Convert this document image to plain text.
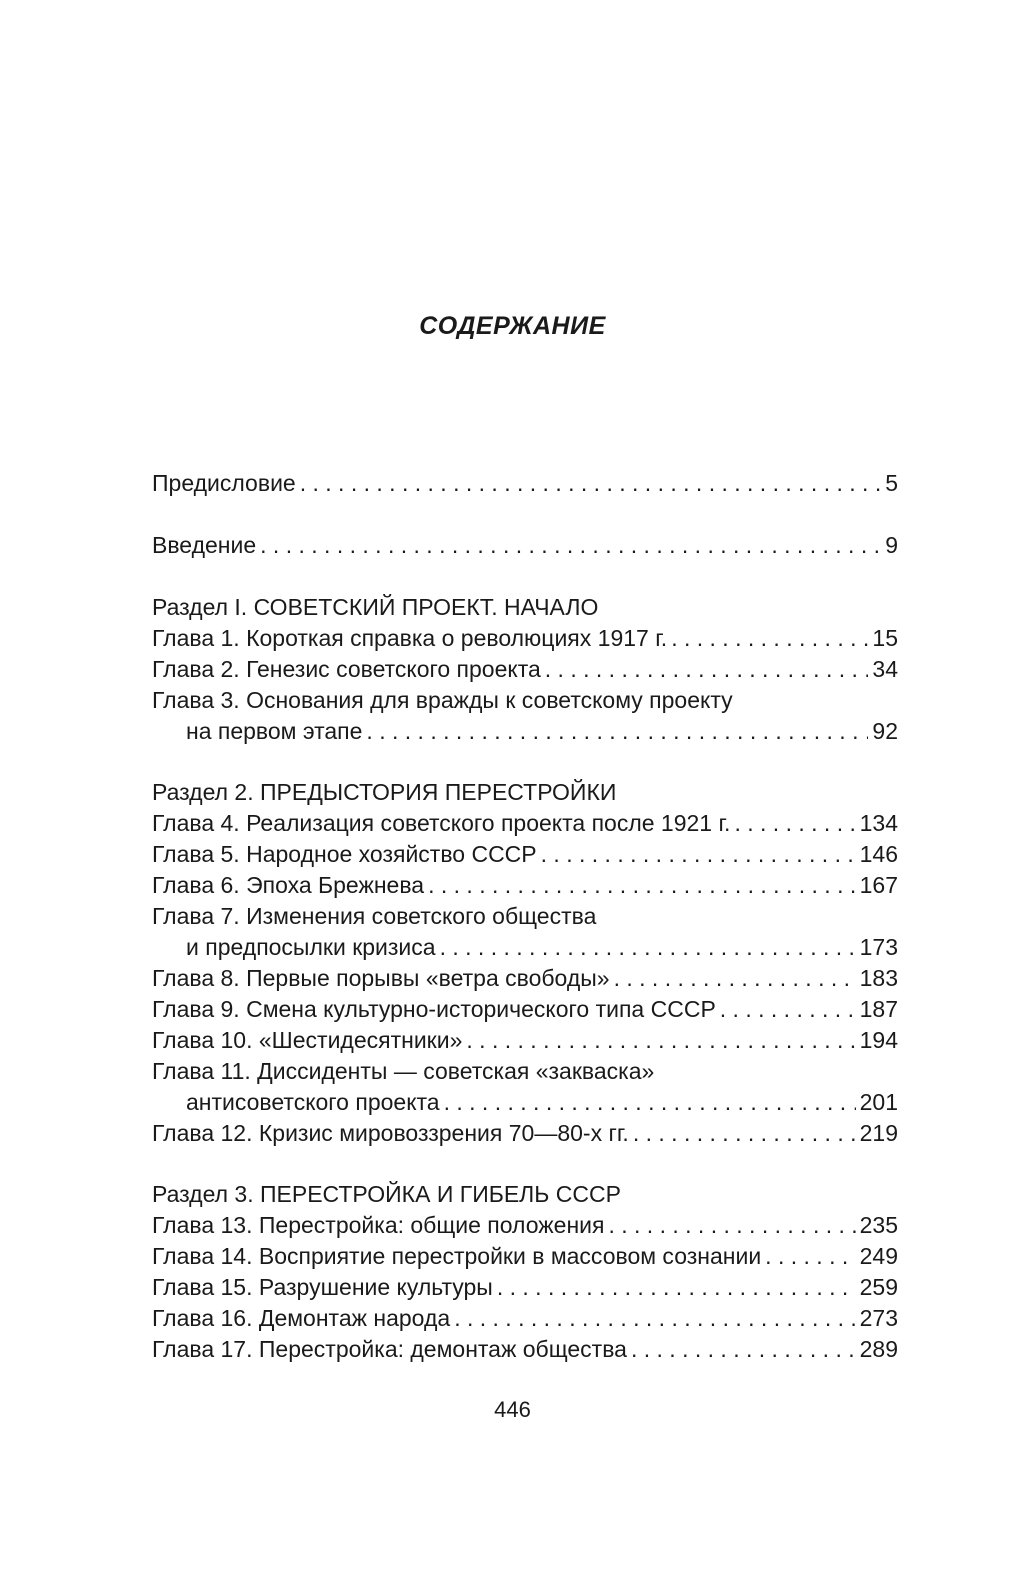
СОДЕРЖАНИЕ
Предисловие . . .	5
Введение . . .	9
Раздел I. СОВЕТСКИЙ ПРОЕКТ. НАЧАЛО
Глава 1. Короткая справка о революциях 1917 г. . . .	15
Глава 2. Генезис советского проекта . . .	34
Глава 3. Основания для вражды к советскому проекту
на первом этапе . . .	92
Раздел 2. ПРЕДЫСТОРИЯ ПЕРЕСТРОЙКИ
Глава 4. Реализация советского проекта после 1921 г. . . .	134
Глава 5. Народное хозяйство СССР . . .	146
Глава 6. Эпоха Брежнева . . .	167
Глава 7. Изменения советского общества
и предпосылки кризиса . . .	173
Глава 8. Первые порывы «ветра свободы» . . .	183
Глава 9. Смена культурно-исторического типа СССР . . .	187
Глава 10. «Шестидесятники» . . .	194
Глава 11. Диссиденты — советская «закваска»
антисоветского проекта . . .	201
Глава 12. Кризис мировоззрения 70—80-х гг. . . .	219
Раздел 3. ПЕРЕСТРОЙКА И ГИБЕЛЬ СССР
Глава 13. Перестройка: общие положения . . .	235
Глава 14. Восприятие перестройки в массовом сознании . . .	249
Глава 15. Разрушение культуры . . .	259
Глава 16. Демонтаж народа . . .	273
Глава 17. Перестройка: демонтаж общества . . .	289
446
